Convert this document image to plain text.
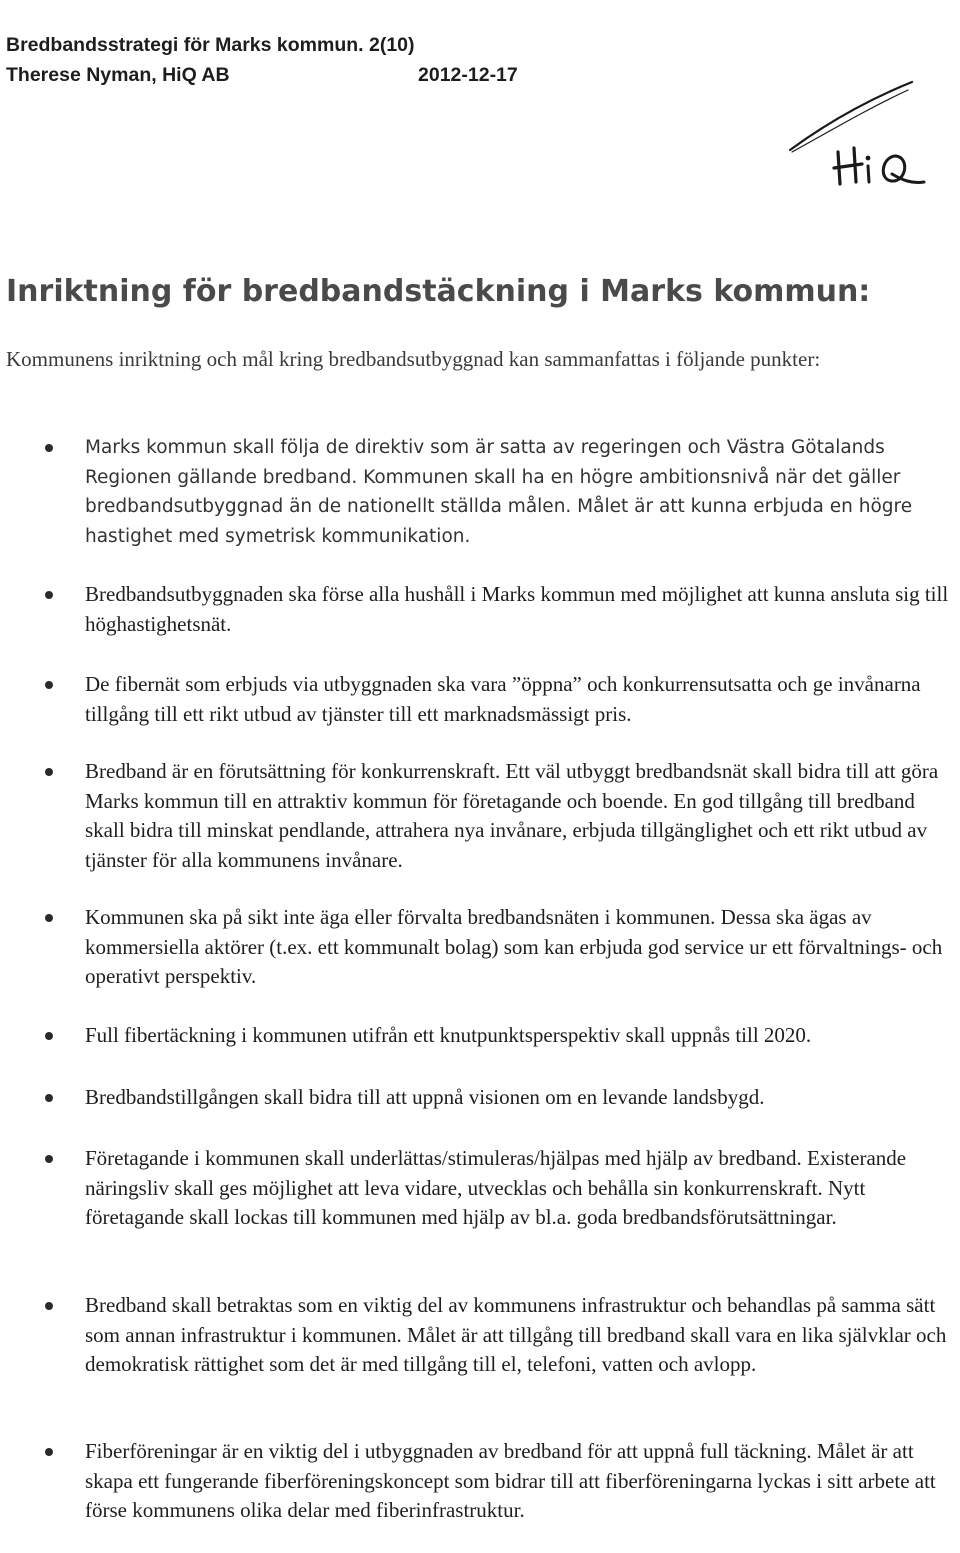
Bredbandsstrategi för Marks kommun. 2(10)
Therese Nyman, HiQ AB	2012-12-17
Inriktning för bredbandstäckning i Marks kommun:

Kommunens inriktning och mål kring bredbandsutbyggnad kan sammanfattas i följande punkter:

Marks kommun skall följa de direktiv som är satta av regeringen och Västra Götalands Regionen gällande bredband. Kommunen skall ha en högre ambitionsnivå när det gäller bredbandsutbyggnad än de nationellt ställda målen. Målet är att kunna erbjuda en högre hastighet med symetrisk kommunikation.

Bredbandsutbyggnaden ska förse alla hushåll i Marks kommun med möjlighet att kunna ansluta sig till höghastighetsnät.

De fibernät som erbjuds via utbyggnaden ska vara ”öppna” och konkurrensutsatta och ge invånarna tillgång till ett rikt utbud av tjänster till ett marknadsmässigt pris.

Bredband är en förutsättning för konkurrenskraft. Ett väl utbyggt bredbandsnät skall bidra till att göra Marks kommun till en attraktiv kommun för företagande och boende. En god tillgång till bredband skall bidra till minskat pendlande, attrahera nya invånare, erbjuda tillgänglighet och ett rikt utbud av tjänster för alla kommunens invånare.

Kommunen ska på sikt inte äga eller förvalta bredbandsnäten i kommunen. Dessa ska ägas av kommersiella aktörer (t.ex. ett kommunalt bolag) som kan erbjuda god service ur ett förvaltnings- och operativt perspektiv.

Full fibertäckning i kommunen utifrån ett knutpunktsperspektiv skall uppnås till 2020.

Bredbandstillgången skall bidra till att uppnå visionen om en levande landsbygd.

Företagande i kommunen skall underlättas/stimuleras/hjälpas med hjälp av bredband. Existerande näringsliv skall ges möjlighet att leva vidare, utvecklas och behålla sin konkurrenskraft. Nytt företagande skall lockas till kommunen med hjälp av bl.a. goda bredbandsförutsättningar.

Bredband skall betraktas som en viktig del av kommunens infrastruktur och behandlas på samma sätt som annan infrastruktur i kommunen. Målet är att tillgång till bredband skall vara en lika självklar och demokratisk rättighet som det är med tillgång till el, telefoni, vatten och avlopp.

Fiberföreningar är en viktig del i utbyggnaden av bredband för att uppnå full täckning. Målet är att skapa ett fungerande fiberföreningskoncept som bidrar till att fiberföreningarna lyckas i sitt arbete att förse kommunens olika delar med fiberinfrastruktur.
